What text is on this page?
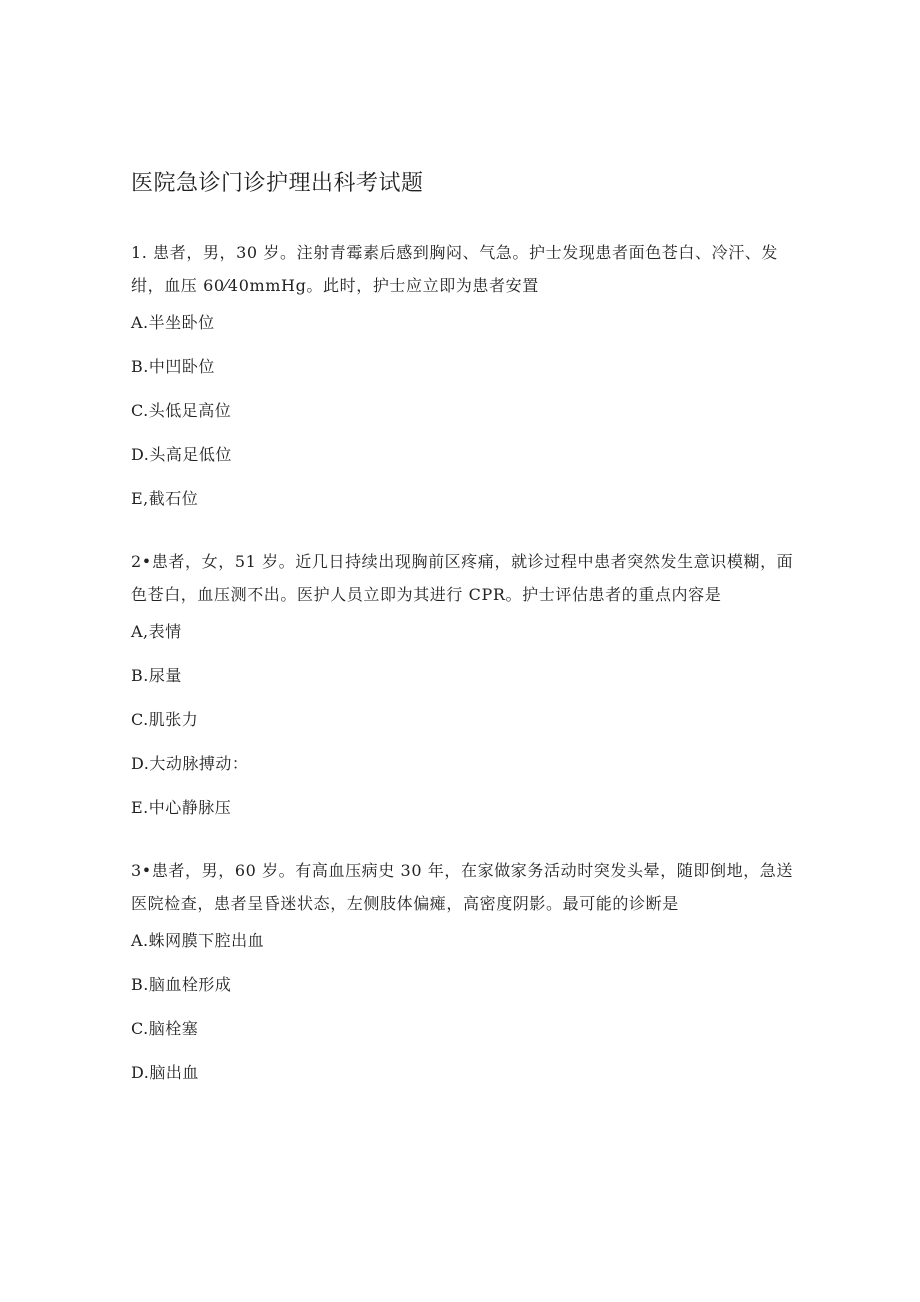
医院急诊门诊护理出科考试题

1. 患者，男，30 岁。注射青霉素后感到胸闷、气急。护士发现患者面色苍白、冷汗、发绀，血压 60⁄40mmHg。此时，护士应立即为患者安置

A.半坐卧位
B.中凹卧位
C.头低足高位
D.头高足低位
E,截石位

2•患者，女，51 岁。近几日持续出现胸前区疼痛，就诊过程中患者突然发生意识模糊，面色苍白，血压测不出。医护人员立即为其进行 CPR。护士评估患者的重点内容是

A,表情
B.尿量
C.肌张力
D.大动脉搏动：
E.中心静脉压

3•患者，男，60 岁。有高血压病史 30 年，在家做家务活动时突发头晕，随即倒地，急送医院检查，患者呈昏迷状态，左侧肢体偏瘫，高密度阴影。最可能的诊断是

A.蛛网膜下腔出血
B.脑血栓形成
C.脑栓塞
D.脑出血
